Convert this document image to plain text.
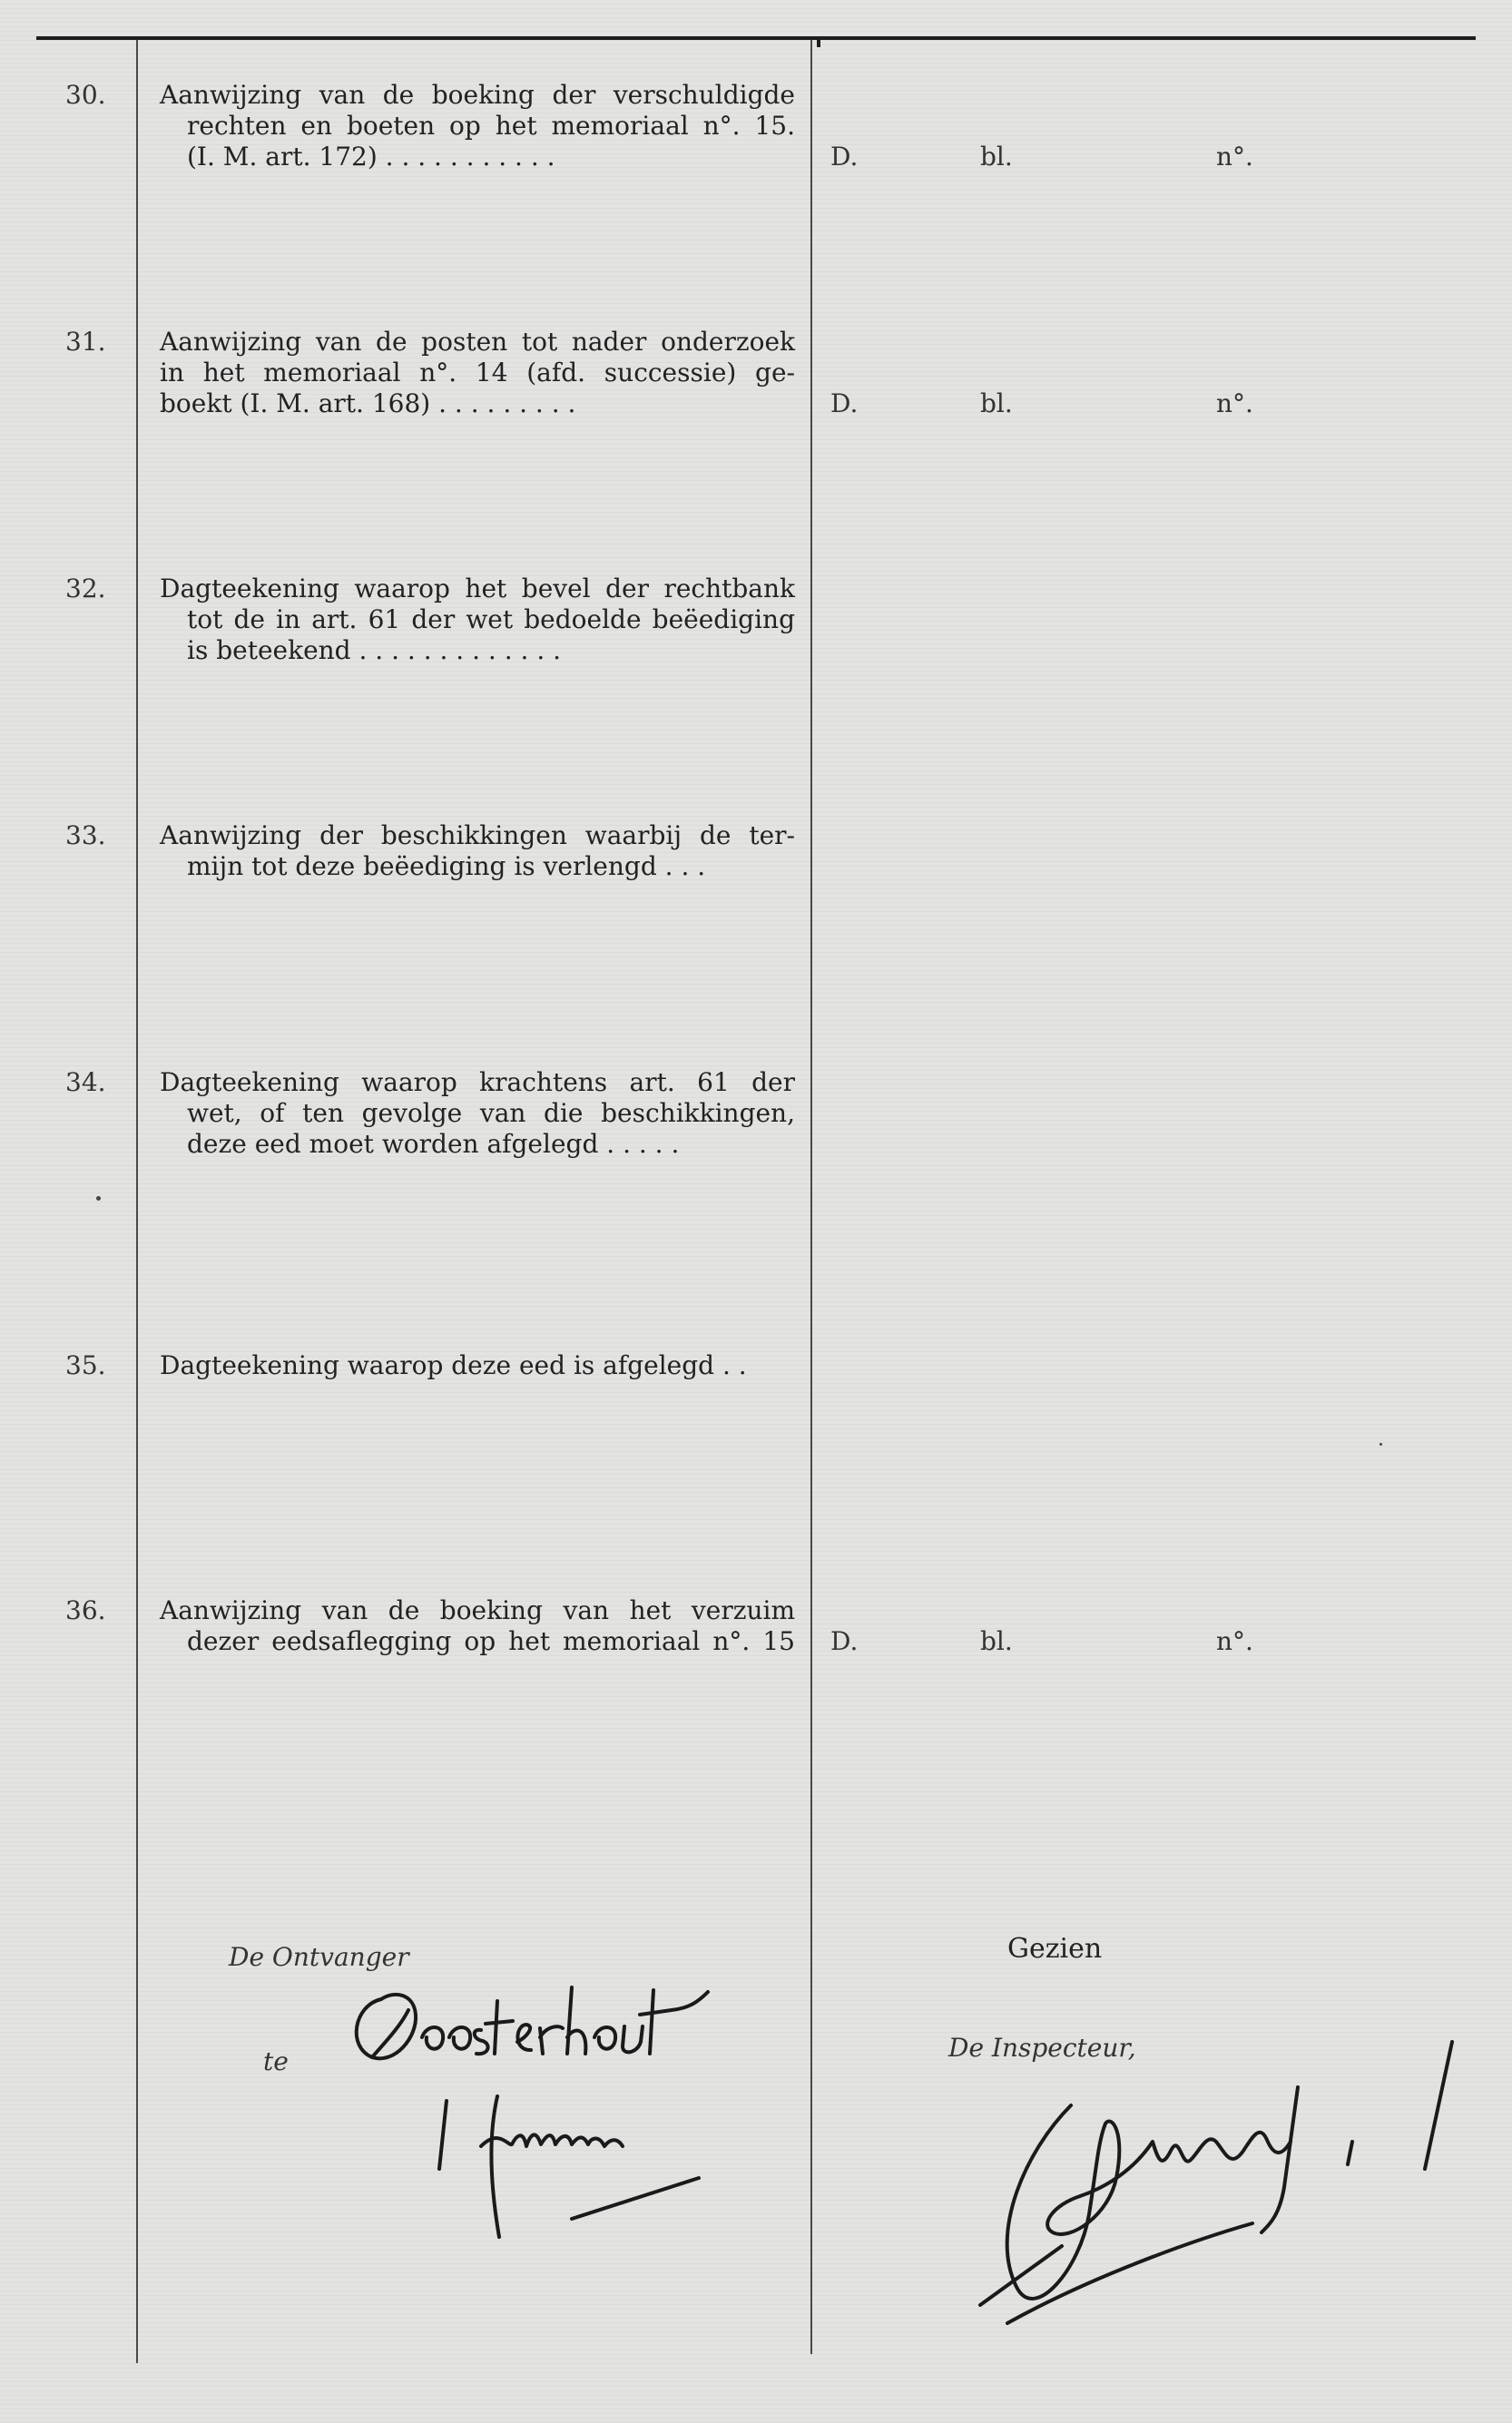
30. Aanwijzing van de boeking der verschuldigde
rechten en boeten op het memoriaal n°. 15.
(I. M. art. 172) . . . . . . . . . . .	D.	bl.	n°.
31. Aanwijzing van de posten tot nader onderzoek
in het memoriaal n°. 14 (afd. successie) ge-
boekt (I. M. art. 168) . . . . . . . . .	D.	bl.	n°.
32. Dagteekening waarop het bevel der rechtbank
tot de in art. 61 der wet bedoelde beëediging
is beteekend . . . . . . . . . . . . .
33. Aanwijzing der beschikkingen waarbij de ter-
mijn tot deze beëediging is verlengd . . .
34. Dagteekening waarop krachtens art. 61 der
wet, of ten gevolge van die beschikkingen,
deze eed moet worden afgelegd . . . . .
35. Dagteekening waarop deze eed is afgelegd . .
36. Aanwijzing van de boeking van het verzuim
dezer eedsaflegging op het memoriaal n°. 15 D.	bl.	n°.
De Ontvanger
te
Gezien
De Inspecteur,
